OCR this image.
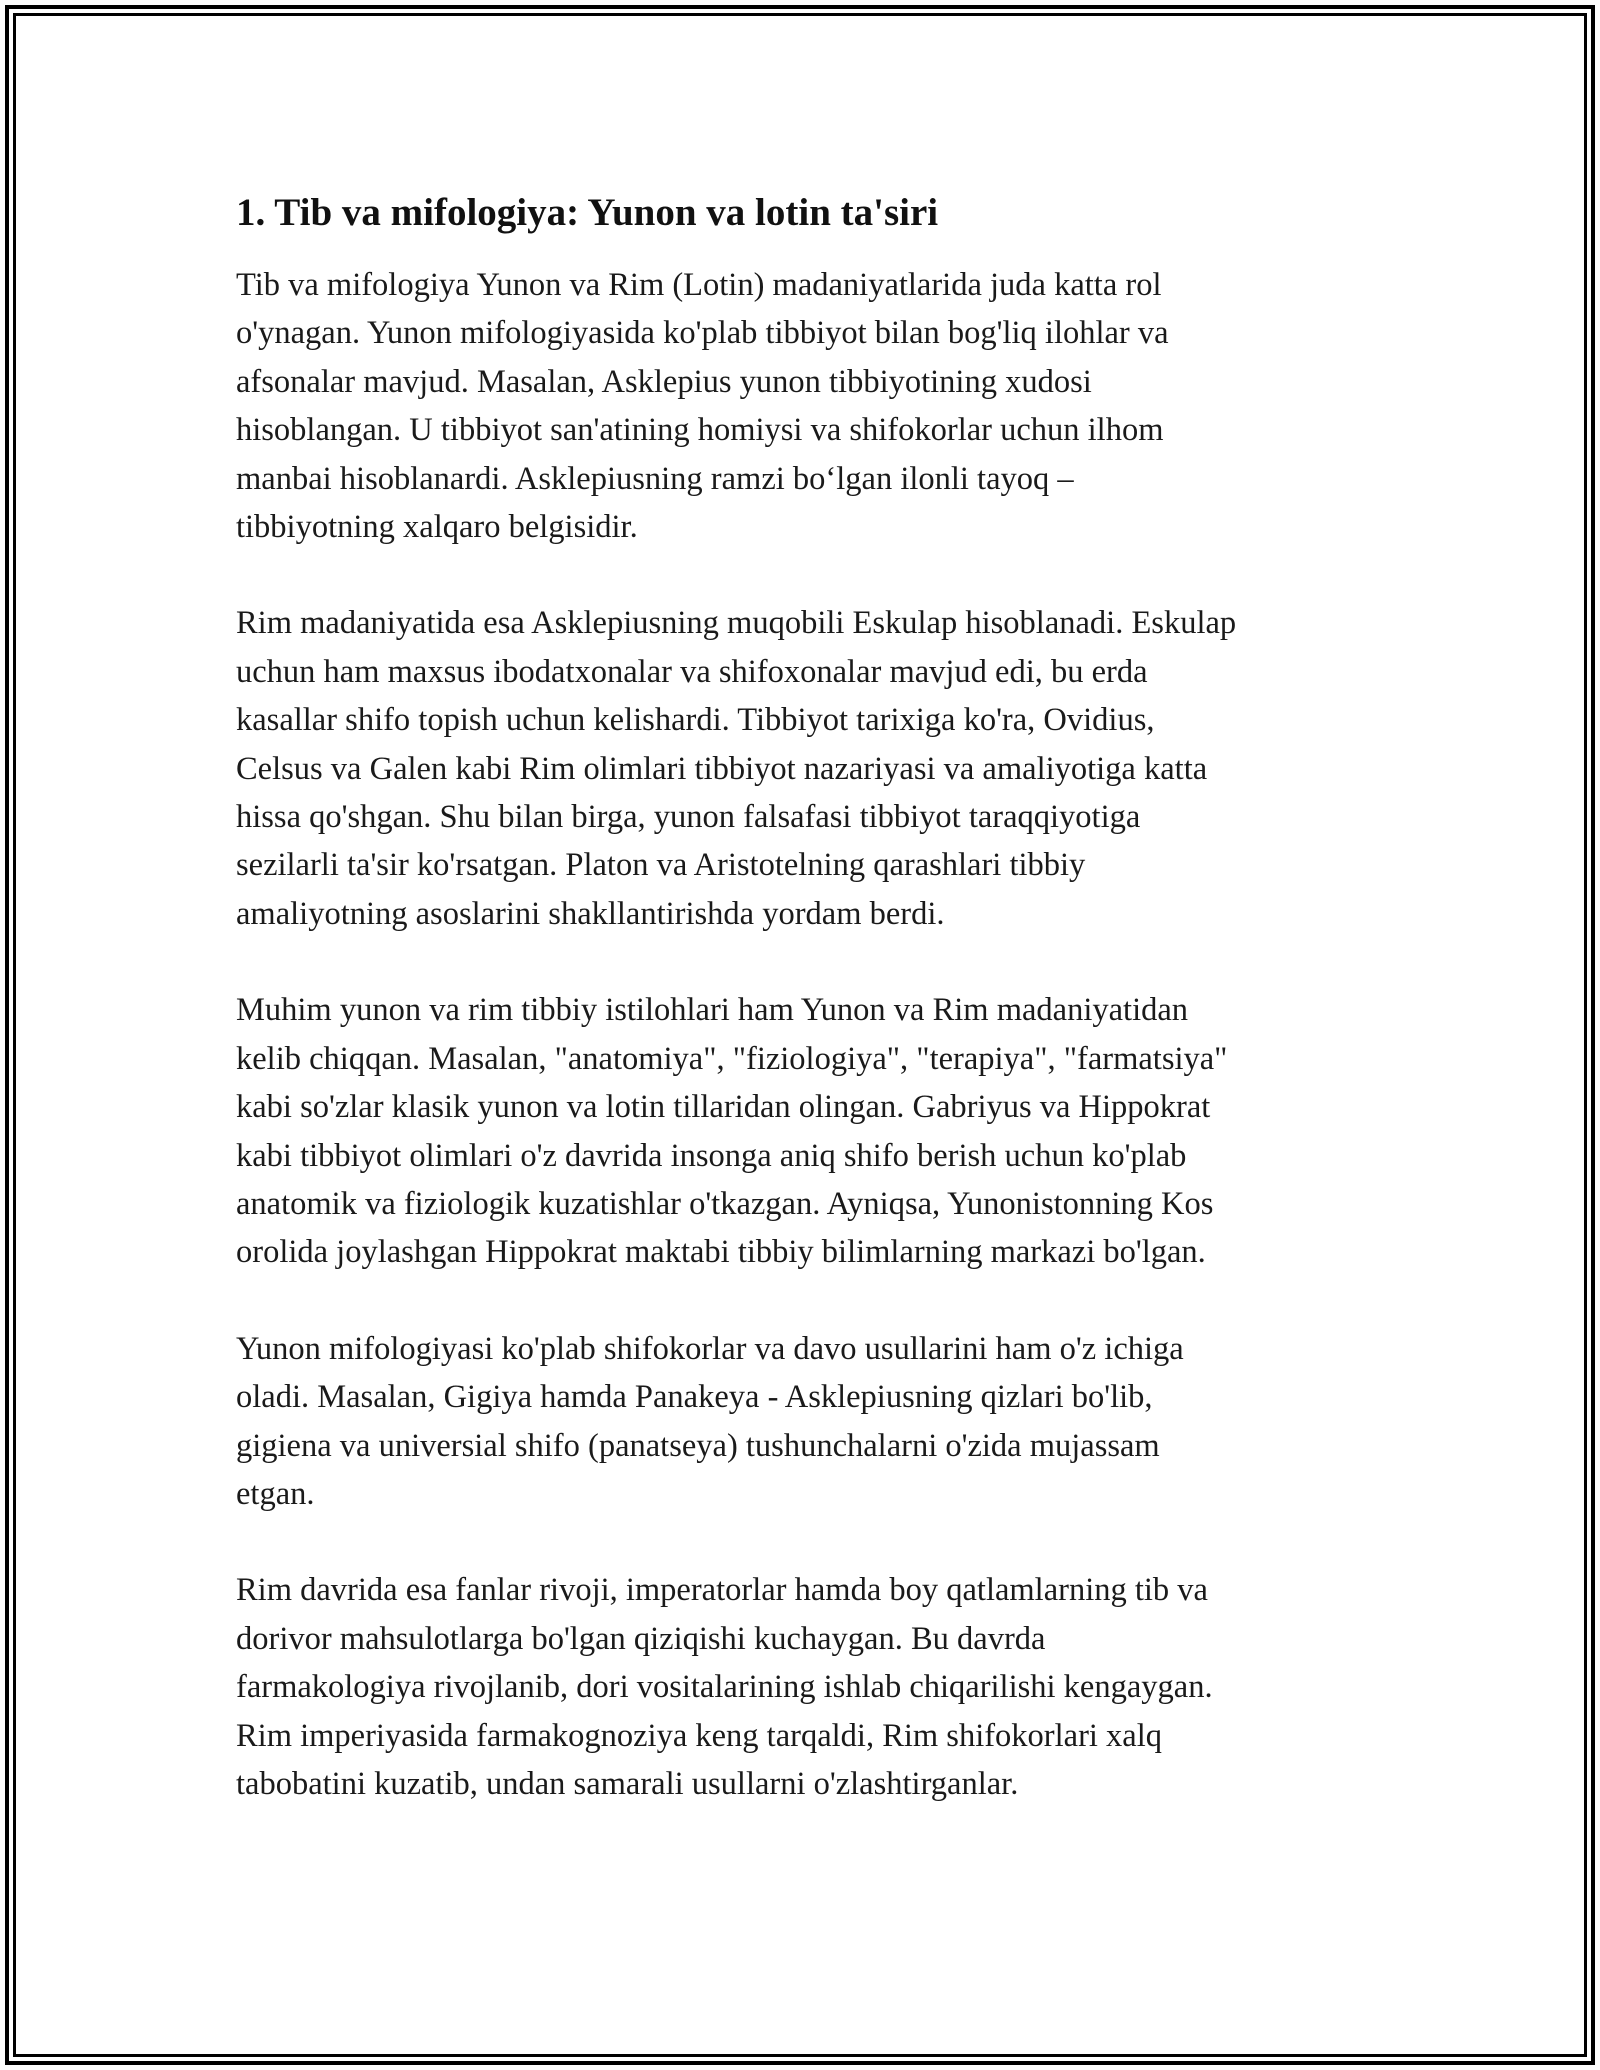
1. Tib va mifologiya: Yunon va lotin ta'siri

Tib va mifologiya Yunon va Rim (Lotin) madaniyatlarida juda katta rol
o'ynagan. Yunon mifologiyasida ko'plab tibbiyot bilan bog'liq ilohlar va
afsonalar mavjud. Masalan, Asklepius yunon tibbiyotining xudosi
hisoblangan. U tibbiyot san'atining homiysi va shifokorlar uchun ilhom
manbai hisoblanardi. Asklepiusning ramzi boʻlgan ilonli tayoq –
tibbiyotning xalqaro belgisidir.

Rim madaniyatida esa Asklepiusning muqobili Eskulap hisoblanadi. Eskulap
uchun ham maxsus ibodatxonalar va shifoxonalar mavjud edi, bu erda
kasallar shifo topish uchun kelishardi. Tibbiyot tarixiga ko'ra, Ovidius,
Celsus va Galen kabi Rim olimlari tibbiyot nazariyasi va amaliyotiga katta
hissa qo'shgan. Shu bilan birga, yunon falsafasi tibbiyot taraqqiyotiga
sezilarli ta'sir ko'rsatgan. Platon va Aristotelning qarashlari tibbiy
amaliyotning asoslarini shakllantirishda yordam berdi.

Muhim yunon va rim tibbiy istilohlari ham Yunon va Rim madaniyatidan
kelib chiqqan. Masalan, "anatomiya", "fiziologiya", "terapiya", "farmatsiya"
kabi so'zlar klasik yunon va lotin tillaridan olingan. Gabriyus va Hippokrat
kabi tibbiyot olimlari o'z davrida insonga aniq shifo berish uchun ko'plab
anatomik va fiziologik kuzatishlar o'tkazgan. Ayniqsa, Yunonistonning Kos
orolida joylashgan Hippokrat maktabi tibbiy bilimlarning markazi bo'lgan.

Yunon mifologiyasi ko'plab shifokorlar va davo usullarini ham o'z ichiga
oladi. Masalan, Gigiya hamda Panakeya - Asklepiusning qizlari bo'lib,
gigiena va universial shifo (panatseya) tushunchalarni o'zida mujassam
etgan.

Rim davrida esa fanlar rivoji, imperatorlar hamda boy qatlamlarning tib va
dorivor mahsulotlarga bo'lgan qiziqishi kuchaygan. Bu davrda
farmakologiya rivojlanib, dori vositalarining ishlab chiqarilishi kengaygan.
Rim imperiyasida farmakognoziya keng tarqaldi, Rim shifokorlari xalq
tabobatini kuzatib, undan samarali usullarni o'zlashtirganlar.
